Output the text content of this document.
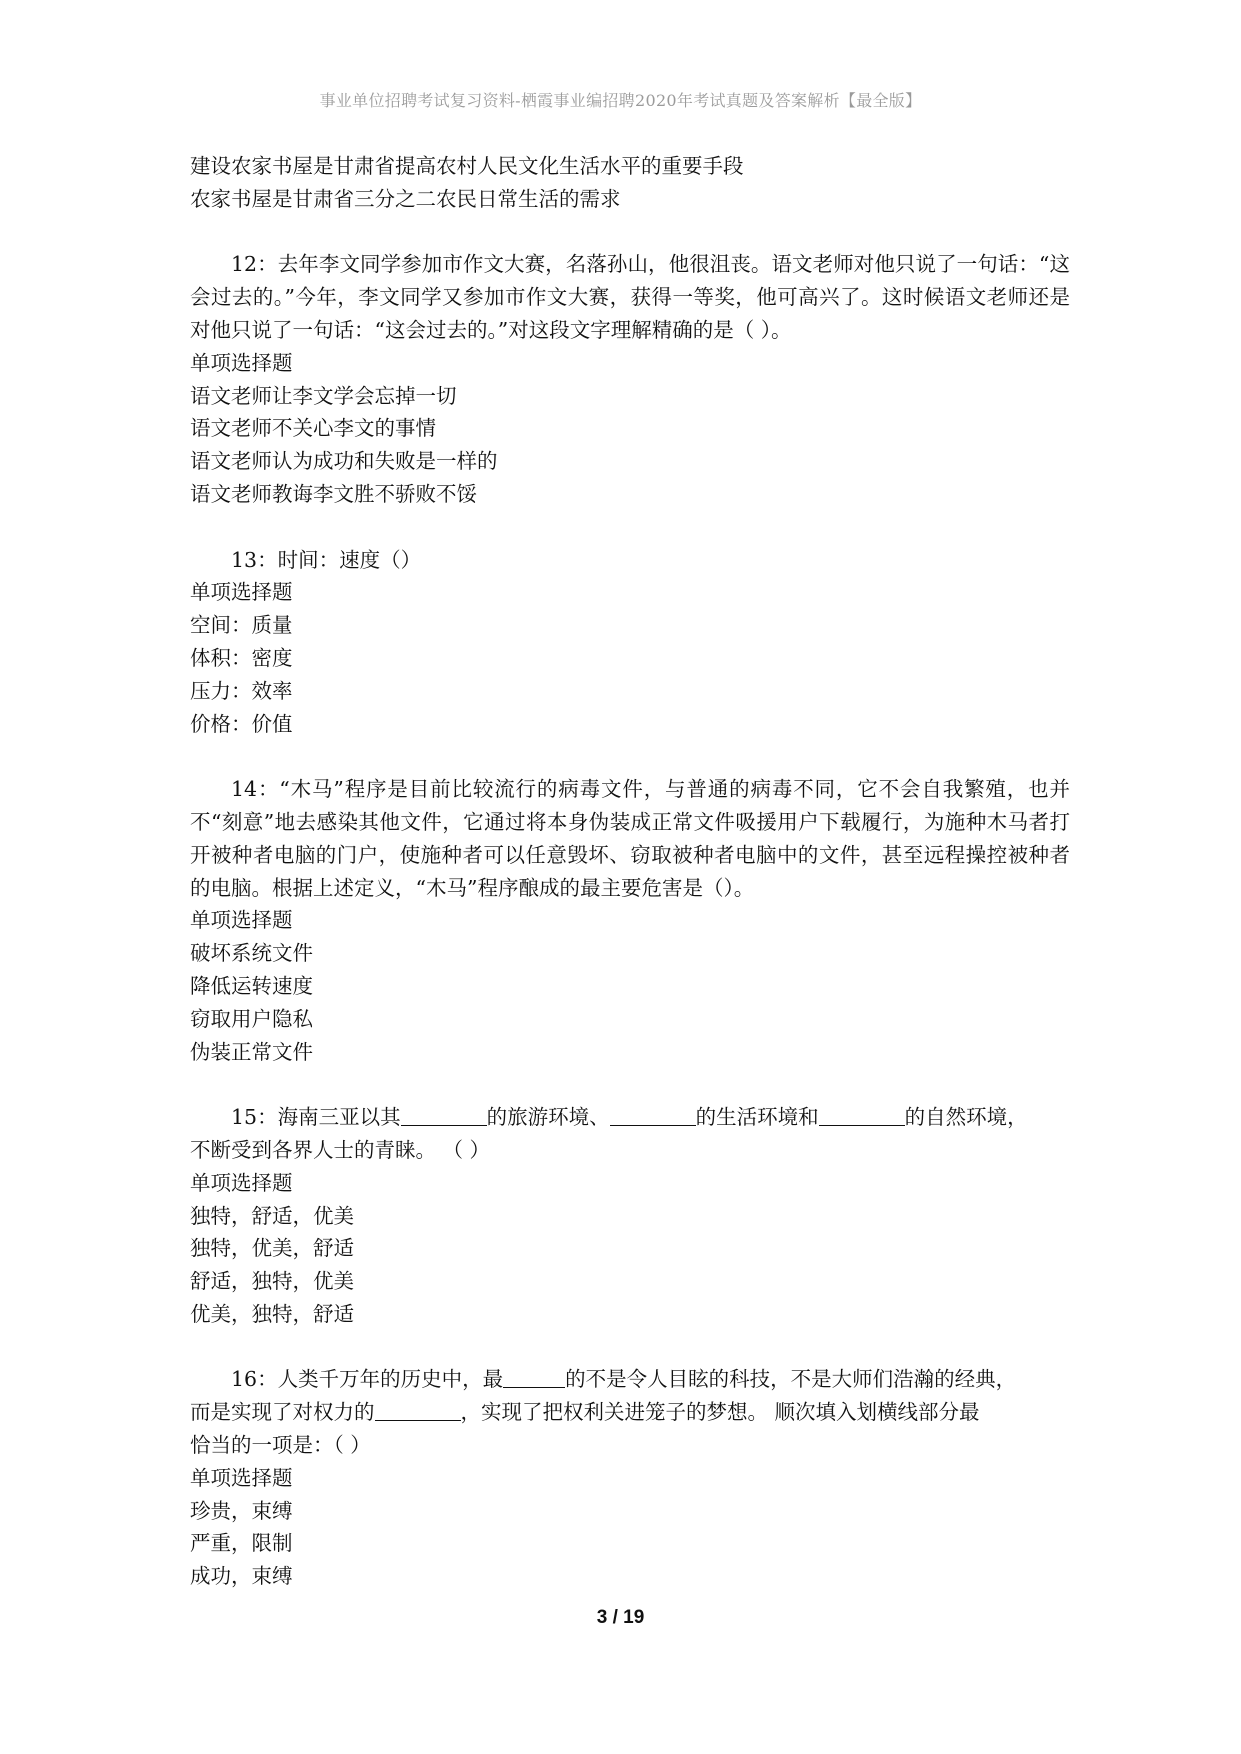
事业单位招聘考试复习资料-栖霞事业编招聘2020年考试真题及答案解析【最全版】
建设农家书屋是甘肃省提高农村人民文化生活水平的重要手段
农家书屋是甘肃省三分之二农民日常生活的需求
12：去年李文同学参加市作文大赛，名落孙山，他很沮丧。语文老师对他只说了一句话：“这会过去的。”今年，李文同学又参加市作文大赛，获得一等奖，他可高兴了。这时候语文老师还是对他只说了一句话：“这会过去的。”对这段文字理解精确的是（ ）。
单项选择题
语文老师让李文学会忘掉一切
语文老师不关心李文的事情
语文老师认为成功和失败是一样的
语文老师教诲李文胜不骄败不馁
13：时间：速度（）
单项选择题
空间：质量
体积：密度
压力：效率
价格：价值
14：“木马”程序是目前比较流行的病毒文件，与普通的病毒不同，它不会自我繁殖，也并不“刻意”地去感染其他文件，它通过将本身伪装成正常文件吸援用户下载履行，为施种木马者打开被种者电脑的门户，使施种者可以任意毁坏、窃取被种者电脑中的文件，甚至远程操控被种者的电脑。根据上述定义，“木马”程序酿成的最主要危害是（）。
单项选择题
破坏系统文件
降低运转速度
窃取用户隐私
伪装正常文件
15：海南三亚以其	的旅游环境、	的生活环境和	的自然环境，
不断受到各界人士的青睐。 （ ）
单项选择题
独特，舒适，优美
独特，优美，舒适
舒适，独特，优美
优美，独特，舒适
16：人类千万年的历史中，最	的不是令人目眩的科技，不是大师们浩瀚的经典，
而是实现了对权力的	，实现了把权利关进笼子的梦想。 顺次填入划横线部分最
恰当的一项是：（ ）
单项选择题
珍贵，束缚
严重，限制
成功，束缚
3 / 19
